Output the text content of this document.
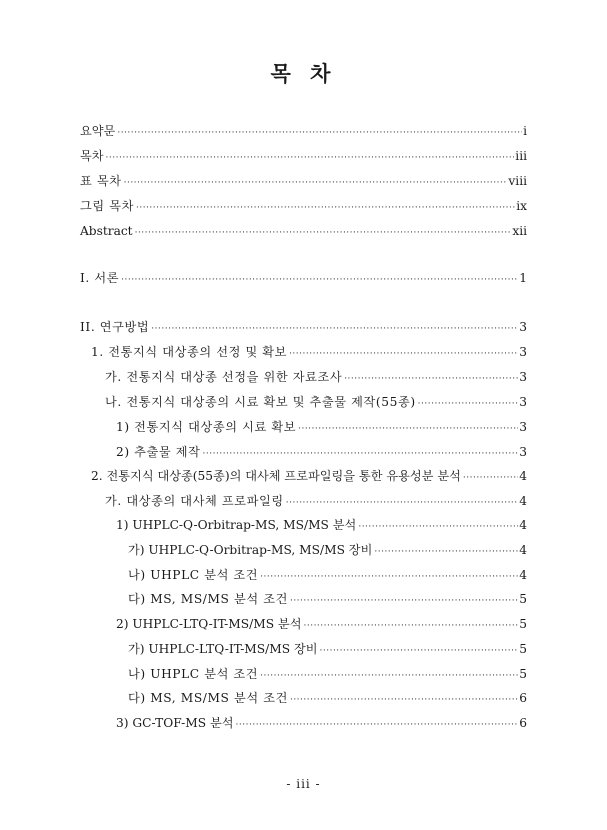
목 차
요약문 ·····	i
목차 ·····	iii
표 목차 ·····	viii
그림 목차 ·····	ix
Abstract ·····	xii
I. 서론 ·····	1
II. 연구방법 ·····	3
1. 전통지식 대상종의 선정 및 확보 ·····	3
가. 전통지식 대상종 선정을 위한 자료조사 ·····	3
나. 전통지식 대상종의 시료 확보 및 추출물 제작(55종) ·····	3
1) 전통지식 대상종의 시료 확보 ·····	3
2) 추출물 제작 ·····	3
2. 전통지식 대상종(55종)의 대사체 프로파일링을 통한 유용성분 분석 ·····	4
가. 대상종의 대사체 프로파일링 ·····	4
1) UHPLC-Q-Orbitrap-MS, MS/MS 분석 ·····	4
가) UHPLC-Q-Orbitrap-MS, MS/MS 장비 ·····	4
나) UHPLC 분석 조건 ·····	4
다) MS, MS/MS 분석 조건 ·····	5
2) UHPLC-LTQ-IT-MS/MS 분석 ·····	5
가) UHPLC-LTQ-IT-MS/MS 장비 ·····	5
나) UHPLC 분석 조건 ·····	5
다) MS, MS/MS 분석 조건 ·····	6
3) GC-TOF-MS 분석 ·····	6
- iii -
